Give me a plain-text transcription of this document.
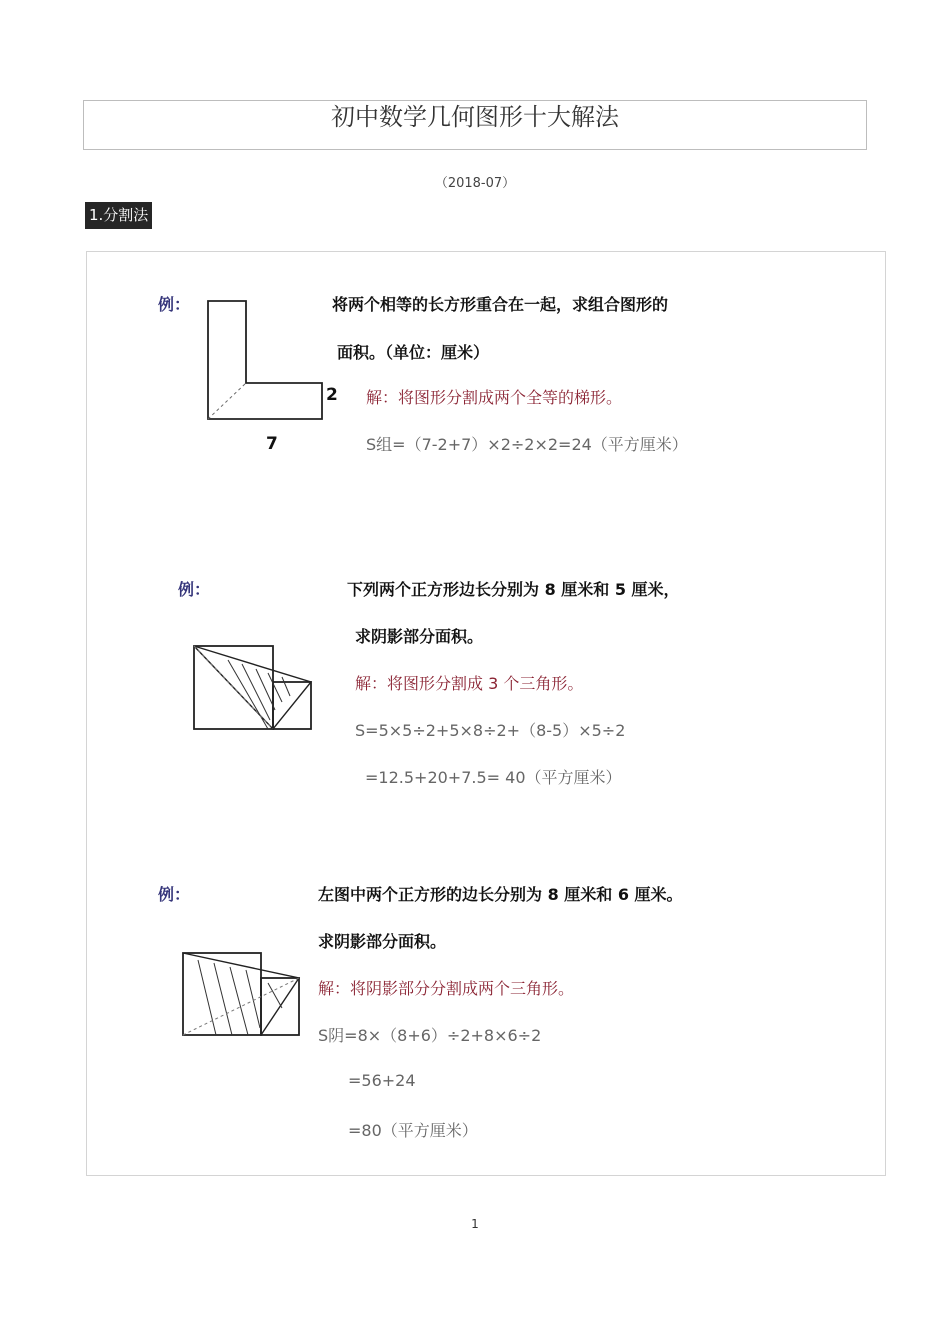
初中数学几何图形十大解法
（2018-07）
1.分割法
例：	将两个相等的长方形重合在一起，求组合图形的
面积。（单位：厘米）
2
7
解：将图形分割成两个全等的梯形。
S组=（7-2+7）×2÷2×2=24（平方厘米）
例：	下列两个正方形边长分别为 8 厘米和 5 厘米，
求阴影部分面积。
解：将图形分割成 3 个三角形。
S=5×5÷2+5×8÷2+（8-5）×5÷2
=12.5+20+7.5= 40（平方厘米）
例：	左图中两个正方形的边长分别为 8 厘米和 6 厘米。
求阴影部分面积。
解：将阴影部分分割成两个三角形。
S阴=8×（8+6）÷2+8×6÷2
=56+24
=80（平方厘米）
1
